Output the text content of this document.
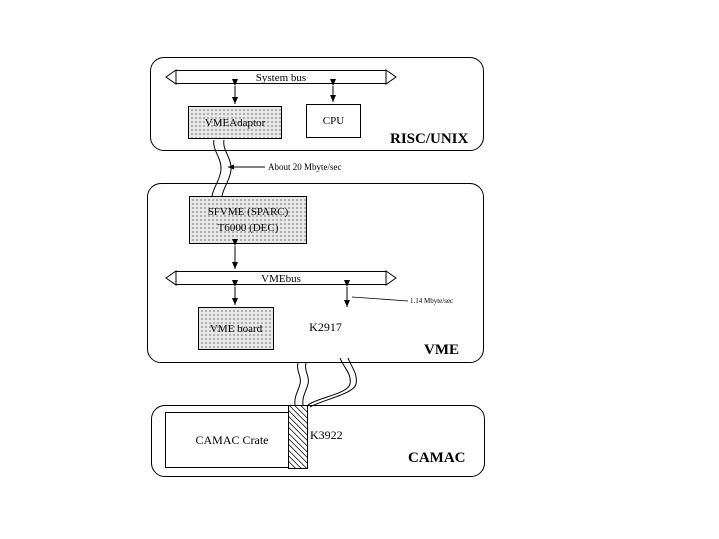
System bus
VMEAdaptor	CPU
RISC/UNIX
SFVME (SPARC)
T6000 (DEC)
VMEbus
VME board	K2917
1.14 Mbyte/sec
VME
CAMAC Crate	K3922
CAMAC
About 20 Mbyte/sec
